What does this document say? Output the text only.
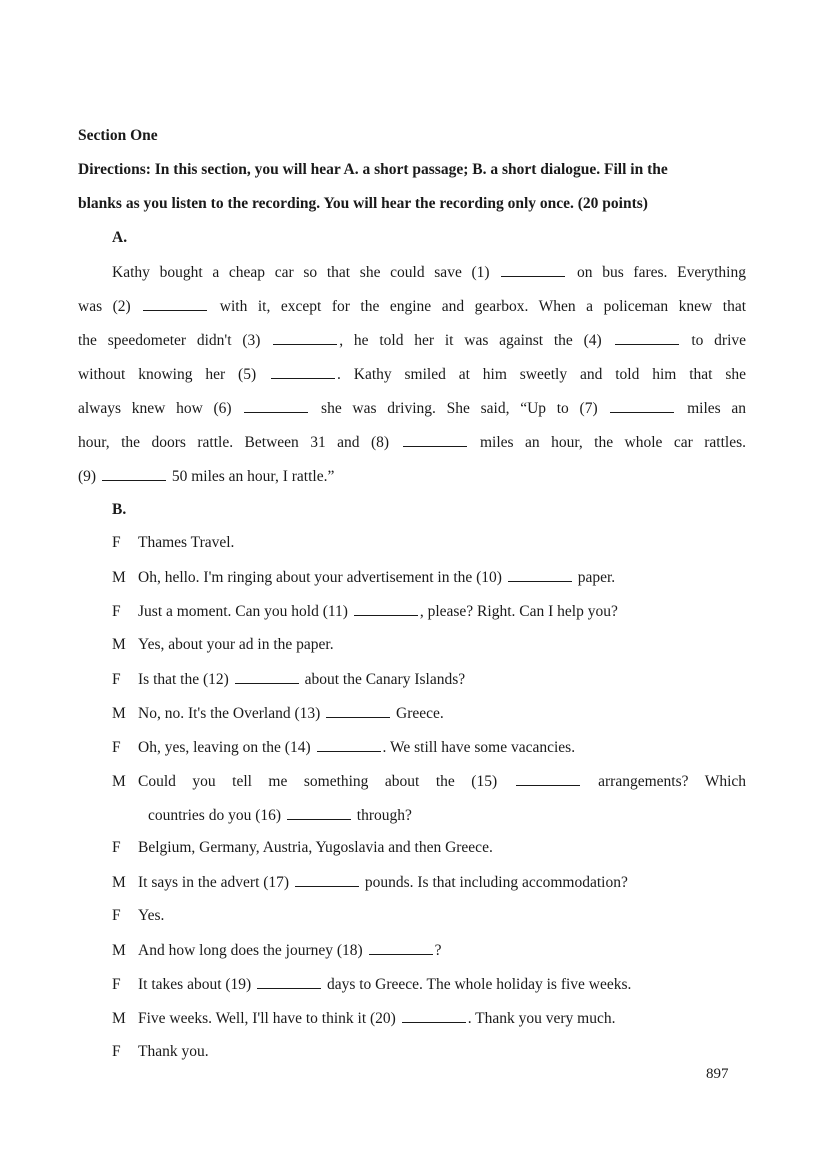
Section One
Directions: In this section, you will hear A. a short passage; B. a short dialogue. Fill in the
blanks as you listen to the recording. You will hear the recording only once. (20 points)
A.
Kathy bought a cheap car so that she could save (1)	on bus fares. Everything
was (2)	with it, except for the engine and gearbox. When a policeman knew that
the speedometer didn't (3)	, he told her it was against the (4)	to drive
without knowing her (5)	. Kathy smiled at him sweetly and told him that she
always knew how (6)	she was driving. She said, “Up to (7)	miles an
hour, the doors rattle. Between 31 and (8)	miles an hour, the whole car rattles.
(9)	50 miles an hour, I rattle.”
B.
F Thames Travel.
M Oh, hello. I'm ringing about your advertisement in the (10)	paper.
F Just a moment. Can you hold (11)	, please? Right. Can I help you?
M Yes, about your ad in the paper.
F Is that the (12)	about the Canary Islands?
M No, no. It's the Overland (13)	Greece.
F Oh, yes, leaving on the (14)	. We still have some vacancies.
M Could you tell me something about the (15)	arrangements? Which
countries do you (16)	through?
F Belgium, Germany, Austria, Yugoslavia and then Greece.
M It says in the advert (17)	pounds. Is that including accommodation?
F Yes.
M And how long does the journey (18)	?
F It takes about (19)	days to Greece. The whole holiday is five weeks.
M Five weeks. Well, I'll have to think it (20)	. Thank you very much.
F Thank you.
897
